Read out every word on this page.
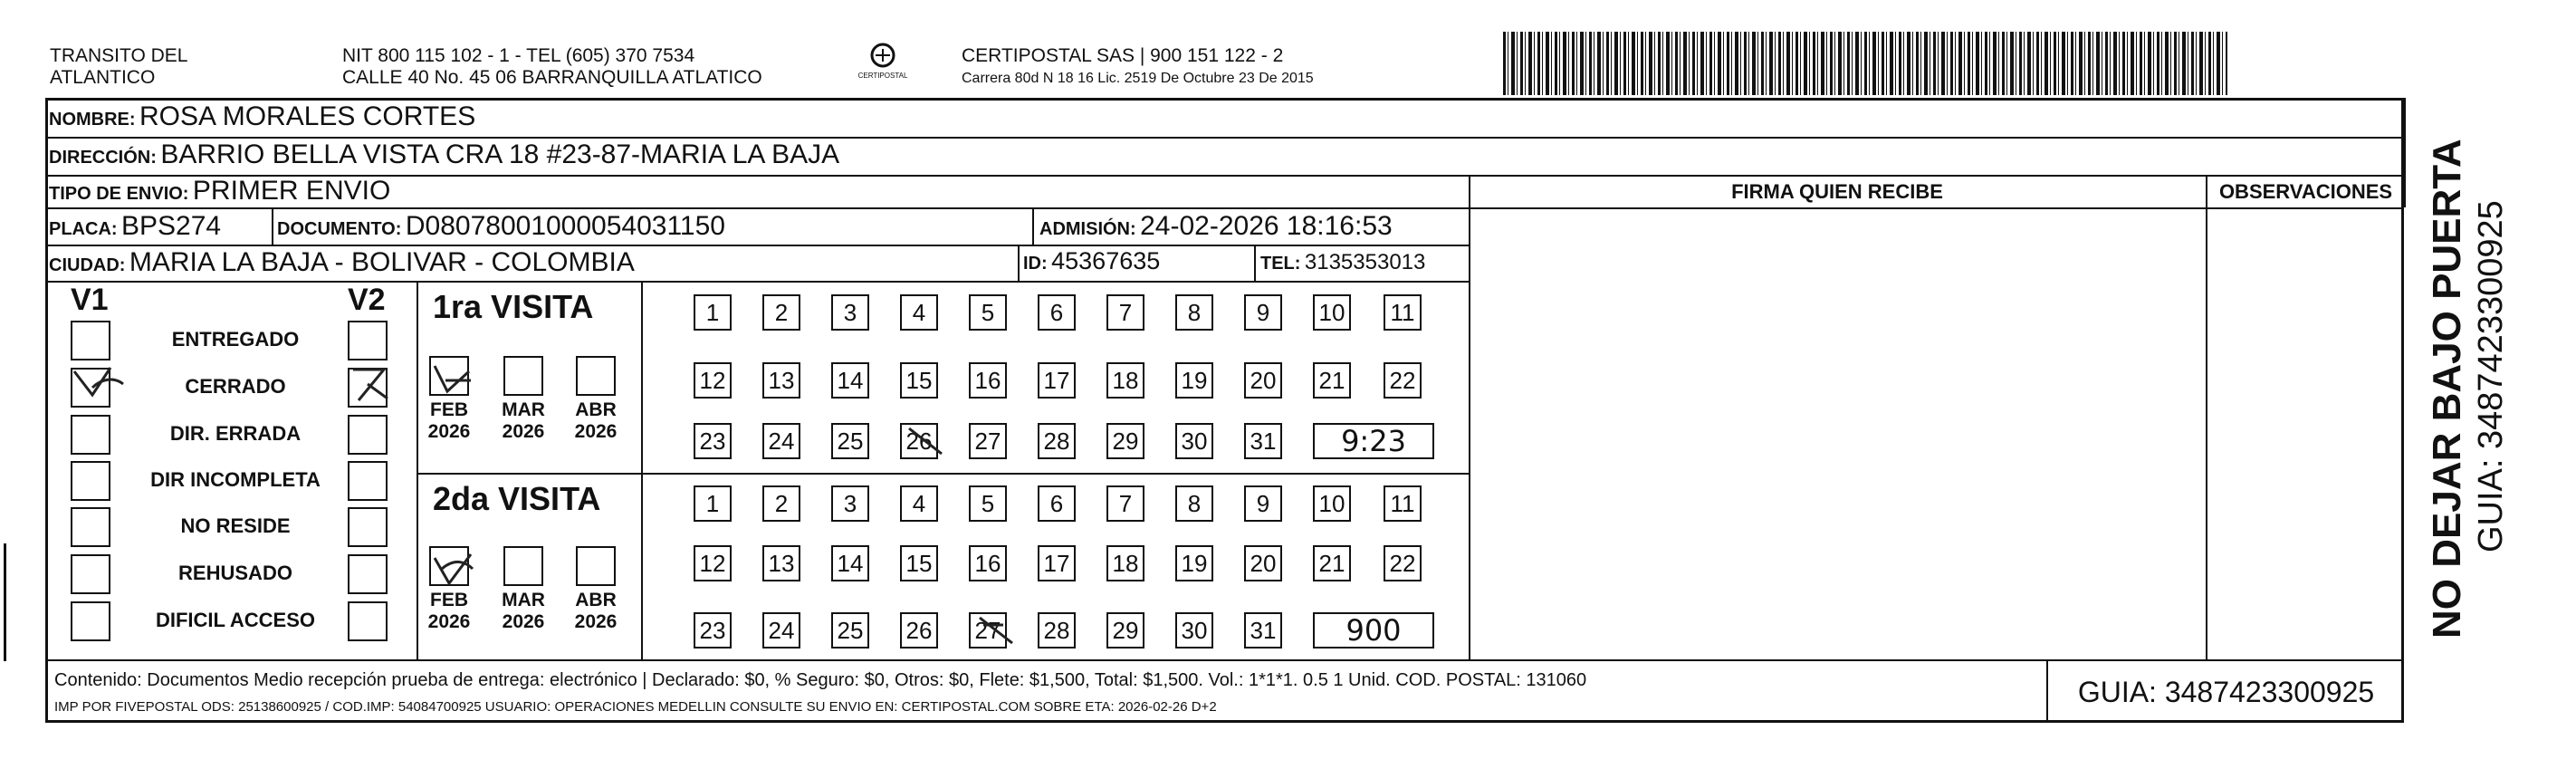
TRANSITO DEL
ATLANTICO
NIT 800 115 102 - 1 - TEL (605) 370 7534
CALLE 40 No. 45 06 BARRANQUILLA ATLATICO	CERTIPOSTAL
CERTIPOSTAL SAS | 900 151 122 - 2
Carrera 80d N 18 16 Lic. 2519 De Octubre 23 De 2015
NOMBRE: ROSA MORALES CORTES
DIRECCIÓN: BARRIO BELLA VISTA CRA 18 #23-87-MARIA LA BAJA
TIPO DE ENVIO: PRIMER ENVIO	FIRMA QUIEN RECIBE	OBSERVACIONES
PLACA: BPS274	DOCUMENTO: D08078001000054031150	ADMISIÓN: 24-02-2026 18:16:53
CIUDAD: MARIA LA BAJA - BOLIVAR - COLOMBIA	ID: 45367635	TEL: 3135353013
V1	V2
ENTREGADO
CERRADO
DIR. ERRADA
DIR INCOMPLETA
NO RESIDE
REHUSADO
DIFICIL ACCESO
1ra VISITA
2da VISITA
FEB
2026
MAR
2026
ABR
2026
1	2	3	4	5	6	7	8	9	10 11
12 13 14 15 16 17 18 19 20 21 22
23 24 25 26 27 28 29 30 31	9:23
FEB
2026
MAR
2026
ABR
2026
1	2	3	4	5	6	7	8	9	10 11
12 13 14 15 16 17 18 19 20 21 22
23 24 25 26 27 28 29 30 31	900
Contenido: Documentos Medio recepción prueba de entrega: electrónico | Declarado: $0, % Seguro: $0, Otros: $0, Flete: $1,500, Total: $1,500. Vol.: 1*1*1. 0.5 1 Unid. COD. POSTAL: 131060
IMP POR FIVEPOSTAL ODS: 25138600925 / COD.IMP: 54084700925 USUARIO: OPERACIONES MEDELLIN CONSULTE SU ENVIO EN: CERTIPOSTAL.COM SOBRE ETA: 2026-02-26 D+2	GUIA: 3487423300925
NO DEJAR BAJO PUERTA GUIA: 3487423300925
